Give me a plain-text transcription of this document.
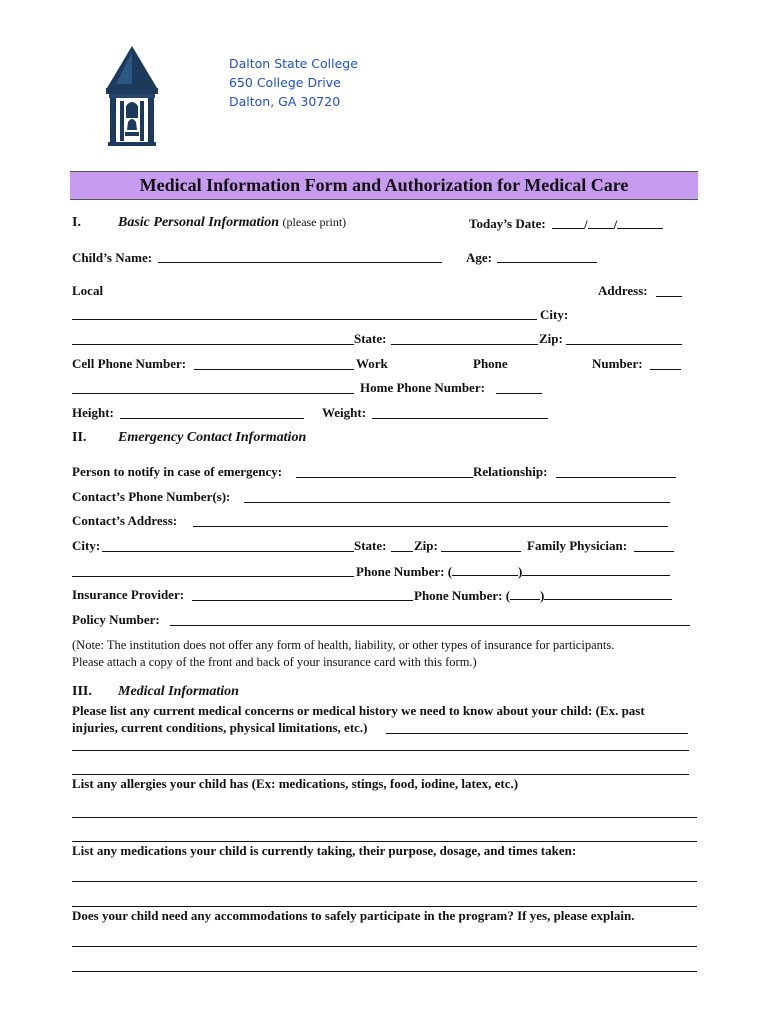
Dalton State College
650 College Drive
Dalton, GA 30720
Medical Information Form and Authorization for Medical Care
I.	Basic Personal Information (please print)	Today’s Date:	/ /
Child’s Name:	Age:
Local	Address:
City:
State:	Zip:
Cell Phone Number:	Work	Phone	Number:
Home Phone Number:
Height:	Weight:
II. Emergency Contact Information
Person to notify in case of emergency:	Relationship:
Contact’s Phone Number(s):
Contact’s Address:
City:	State: Zip:	Family Physician:
Phone Number: (	)
Insurance Provider:	Phone Number: ( )
Policy Number:
(Note: The institution does not offer any form of health, liability, or other types of insurance for participants.
Please attach a copy of the front and back of your insurance card with this form.)
III. Medical Information
Please list any current medical concerns or medical history we need to know about your child: (Ex. past
injuries, current conditions, physical limitations, etc.)
List any allergies your child has (Ex: medications, stings, food, iodine, latex, etc.)
List any medications your child is currently taking, their purpose, dosage, and times taken:
Does your child need any accommodations to safely participate in the program? If yes, please explain.
